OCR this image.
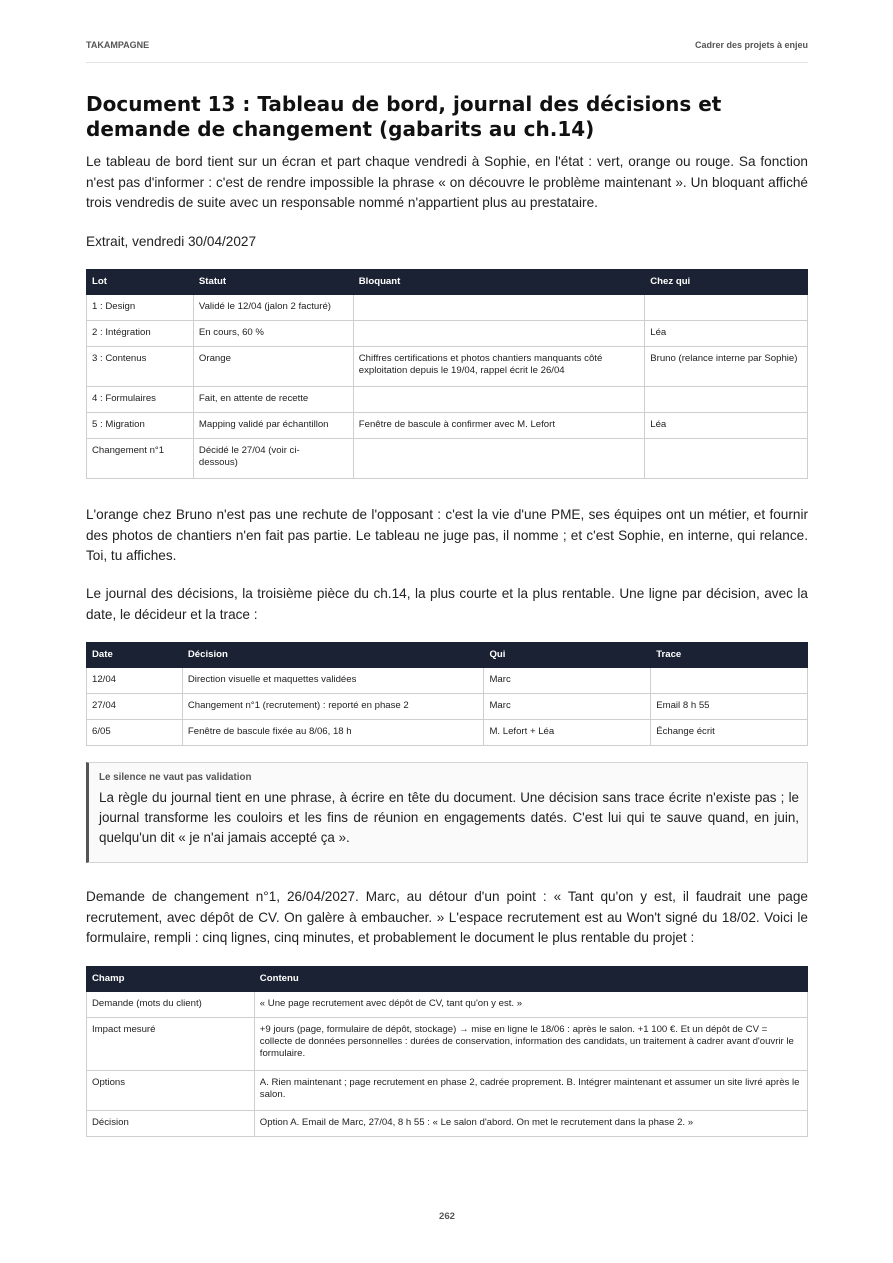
TAKAMPAGNE	Cadrer des projets à enjeu
Document 13 : Tableau de bord, journal des décisions et demande de changement (gabarits au ch.14)

Le tableau de bord tient sur un écran et part chaque vendredi à Sophie, en l'état : vert, orange ou rouge. Sa fonction n'est pas d'informer : c'est de rendre impossible la phrase « on découvre le problème maintenant ». Un bloquant affiché trois vendredis de suite avec un responsable nommé n'appartient plus au prestataire.

Extrait, vendredi 30/04/2027

Lot	Statut	Bloquant	Chez qui
1 : Design	Validé le 12/04 (jalon 2 facturé)		
2 : Intégration	En cours, 60 %		Léa
3 : Contenus	Orange	Chiffres certifications et photos chantiers manquants côté exploitation depuis le 19/04, rappel écrit le 26/04	Bruno (relance interne par Sophie)
4 : Formulaires	Fait, en attente de recette		
5 : Migration	Mapping validé par échantillon	Fenêtre de bascule à confirmer avec M. Lefort	Léa
Changement n°1	Décidé le 27/04 (voir ci-dessous)		

L'orange chez Bruno n'est pas une rechute de l'opposant : c'est la vie d'une PME, ses équipes ont un métier, et fournir des photos de chantiers n'en fait pas partie. Le tableau ne juge pas, il nomme ; et c'est Sophie, en interne, qui relance. Toi, tu affiches.

Le journal des décisions, la troisième pièce du ch.14, la plus courte et la plus rentable. Une ligne par décision, avec la date, le décideur et la trace :

Date	Décision	Qui	Trace
12/04	Direction visuelle et maquettes validées	Marc	
27/04	Changement n°1 (recrutement) : reporté en phase 2	Marc	Email 8 h 55
6/05	Fenêtre de bascule fixée au 8/06, 18 h	M. Lefort + Léa	Échange écrit
Le silence ne vaut pas validation

La règle du journal tient en une phrase, à écrire en tête du document. Une décision sans trace écrite n'existe pas ; le journal transforme les couloirs et les fins de réunion en engagements datés. C'est lui qui te sauve quand, en juin, quelqu'un dit « je n'ai jamais accepté ça ».

Demande de changement n°1, 26/04/2027. Marc, au détour d'un point : « Tant qu'on y est, il faudrait une page recrutement, avec dépôt de CV. On galère à embaucher. » L'espace recrutement est au Won't signé du 18/02. Voici le formulaire, rempli : cinq lignes, cinq minutes, et probablement le document le plus rentable du projet :

Champ	Contenu
Demande (mots du client)	« Une page recrutement avec dépôt de CV, tant qu'on y est. »
Impact mesuré	+9 jours (page, formulaire de dépôt, stockage) → mise en ligne le 18/06 : après le salon. +1 100 €. Et un dépôt de CV = collecte de données personnelles : durées de conservation, information des candidats, un traitement à cadrer avant d'ouvrir le formulaire.
Options	A. Rien maintenant ; page recrutement en phase 2, cadrée proprement. B. Intégrer maintenant et assumer un site livré après le salon.
Décision	Option A. Email de Marc, 27/04, 8 h 55 : « Le salon d'abord. On met le recrutement dans la phase 2. »
262
